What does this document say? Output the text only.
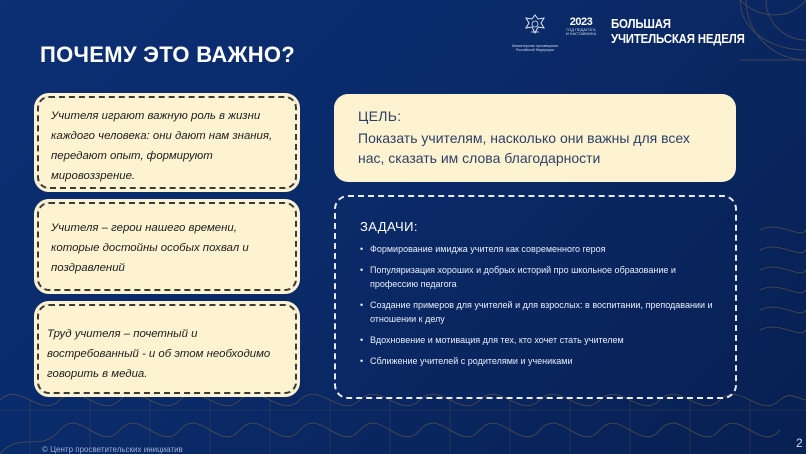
ПОЧЕМУ ЭТО ВАЖНО?	Министерство просвещения Российской Федерации
2023
ГОД ПЕДАГОГА
И НАСТАВНИКА
БОЛЬШАЯ
УЧИТЕЛЬСКАЯ НЕДЕЛЯ
Учителя играют важную роль в жизни каждого человека: они дают нам знания, передают опыт, формируют мировоззрение.
Учителя – герои нашего времени, которые достойны особых похвал и поздравлений
Труд учителя – почетный и востребованный - и об этом необходимо говорить в медиа.
ЦЕЛЬ:
Показать учителям, насколько они важны для всех нас, сказать им слова благодарности
ЗАДАЧИ:
• Формирование имиджа учителя как современного героя
• Популяризация хороших и добрых историй про школьное образование и профессию педагога
• Создание примеров для учителей и для взрослых: в воспитании, преподавании и отношении к делу
• Вдохновение и мотивация для тех, кто хочет стать учителем
• Сближение учителей с родителями и учениками
© Центр просветительских инициатив	2
